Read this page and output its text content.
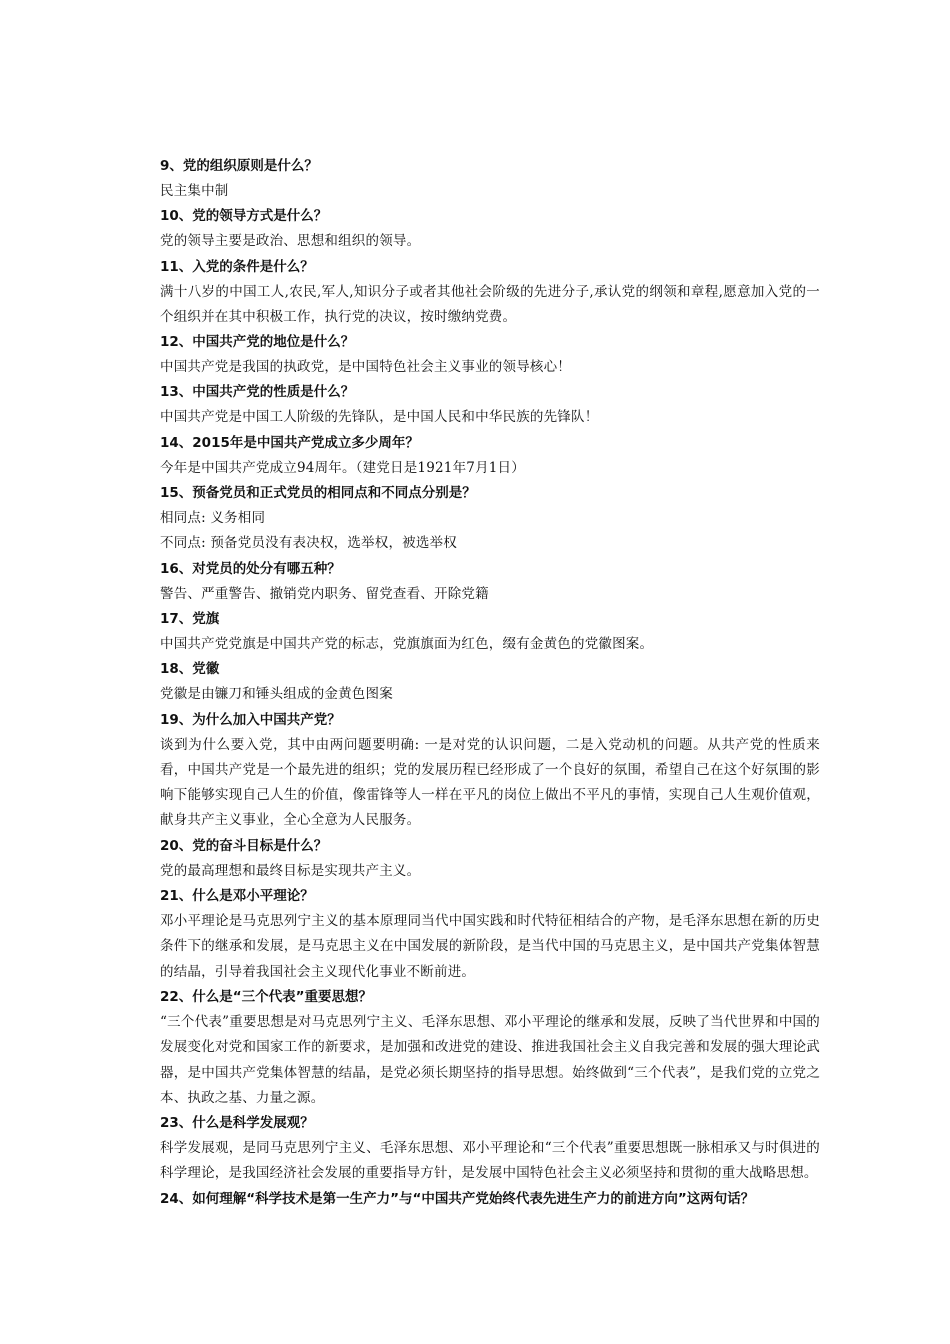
9、党的组织原则是什么？

民主集中制

10、党的领导方式是什么？

党的领导主要是政治、思想和组织的领导。

11、入党的条件是什么？

满十八岁的中国工人,农民,军人,知识分子或者其他社会阶级的先进分子,承认党的纲领和章程,愿意加入党的一个组织并在其中积极工作，执行党的决议，按时缴纳党费。

12、中国共产党的地位是什么？

中国共产党是我国的执政党，是中国特色社会主义事业的领导核心！

13、中国共产党的性质是什么？

中国共产党是中国工人阶级的先锋队，是中国人民和中华民族的先锋队！

14、2015年是中国共产党成立多少周年？

今年是中国共产党成立94周年。（建党日是1921年7月1日）

15、预备党员和正式党员的相同点和不同点分别是？

相同点: 义务相同

不同点: 预备党员没有表决权，选举权，被选举权

16、对党员的处分有哪五种？

警告、严重警告、撤销党内职务、留党查看、开除党籍

17、党旗

中国共产党党旗是中国共产党的标志，党旗旗面为红色，缀有金黄色的党徽图案。

18、党徽

党徽是由镰刀和锤头组成的金黄色图案

19、为什么加入中国共产党？

谈到为什么要入党，其中由两问题要明确: 一是对党的认识问题，二是入党动机的问题。从共产党的性质来看，中国共产党是一个最先进的组织；党的发展历程已经形成了一个良好的氛围，希望自己在这个好氛围的影响下能够实现自己人生的价值，像雷锋等人一样在平凡的岗位上做出不平凡的事情，实现自己人生观价值观，献身共产主义事业，全心全意为人民服务。

20、党的奋斗目标是什么？

党的最高理想和最终目标是实现共产主义。

21、什么是邓小平理论？

邓小平理论是马克思列宁主义的基本原理同当代中国实践和时代特征相结合的产物，是毛泽东思想在新的历史条件下的继承和发展，是马克思主义在中国发展的新阶段，是当代中国的马克思主义，是中国共产党集体智慧的结晶，引导着我国社会主义现代化事业不断前进。

22、什么是“三个代表”重要思想？

“三个代表”重要思想是对马克思列宁主义、毛泽东思想、邓小平理论的继承和发展，反映了当代世界和中国的发展变化对党和国家工作的新要求，是加强和改进党的建设、推进我国社会主义自我完善和发展的强大理论武器，是中国共产党集体智慧的结晶，是党必须长期坚持的指导思想。始终做到“三个代表”，是我们党的立党之本、执政之基、力量之源。

23、什么是科学发展观？

科学发展观，是同马克思列宁主义、毛泽东思想、邓小平理论和“三个代表”重要思想既一脉相承又与时俱进的科学理论，是我国经济社会发展的重要指导方针，是发展中国特色社会主义必须坚持和贯彻的重大战略思想。

24、如何理解“科学技术是第一生产力”与“中国共产党始终代表先进生产力的前进方向”这两句话？
